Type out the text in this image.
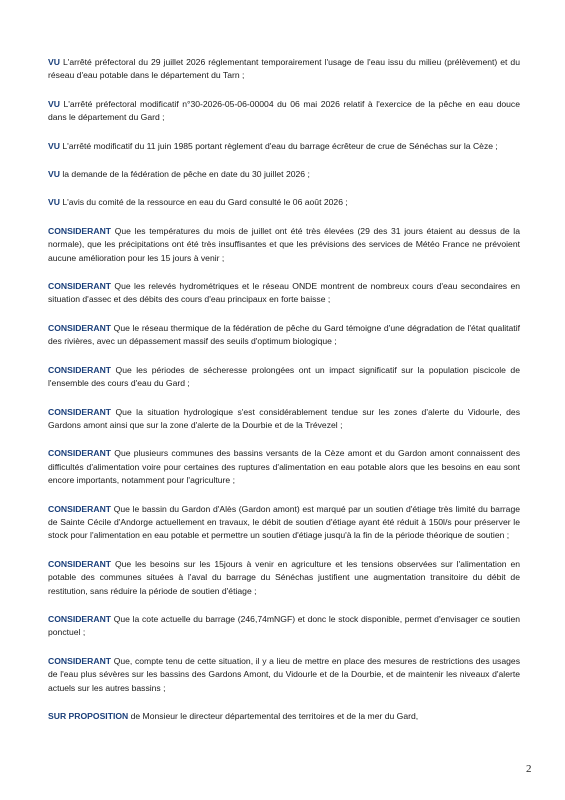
VU L'arrêté préfectoral du 29 juillet 2026 réglementant temporairement l'usage de l'eau issu du milieu (prélèvement) et du réseau d'eau potable dans le département du Tarn ;

VU L'arrêté préfectoral modificatif n°30-2026-05-06-00004 du 06 mai 2026 relatif à l'exercice de la pêche en eau douce dans le département du Gard ;

VU L'arrêté modificatif du 11 juin 1985 portant règlement d'eau du barrage écrêteur de crue de Sénéchas sur la Cèze ;

VU la demande de la fédération de pêche en date du 30 juillet 2026 ;

VU L'avis du comité de la ressource en eau du Gard consulté le 06 août 2026 ;

CONSIDERANT Que les températures du mois de juillet ont été très élevées (29 des 31 jours étaient au dessus de la normale), que les précipitations ont été très insuffisantes et que les prévisions des services de Météo France ne prévoient aucune amélioration pour les 15 jours à venir ;

CONSIDERANT Que les relevés hydrométriques et le réseau ONDE montrent de nombreux cours d'eau secondaires en situation d'assec et des débits des cours d'eau principaux en forte baisse ;

CONSIDERANT Que le réseau thermique de la fédération de pêche du Gard témoigne d'une dégradation de l'état qualitatif des rivières, avec un dépassement massif des seuils d'optimum biologique ;

CONSIDERANT Que les périodes de sécheresse prolongées ont un impact significatif sur la population piscicole de l'ensemble des cours d'eau du Gard ;

CONSIDERANT Que la situation hydrologique s'est considérablement tendue sur les zones d'alerte du Vidourle, des Gardons amont ainsi que sur la zone d'alerte de la Dourbie et de la Trévezel ;

CONSIDERANT Que plusieurs communes des bassins versants de la Cèze amont et du Gardon amont connaissent des difficultés d'alimentation voire pour certaines des ruptures d'alimentation en eau potable alors que les besoins en eau sont encore importants, notamment pour l'agriculture ;

CONSIDERANT Que le bassin du Gardon d'Alès (Gardon amont) est marqué par un soutien d'étiage très limité du barrage de Sainte Cécile d'Andorge actuellement en travaux, le débit de soutien d'étiage ayant été réduit à 150l/s pour préserver le stock pour l'alimentation en eau potable et permettre un soutien d'étiage jusqu'à la fin de la période théorique de soutien ;

CONSIDERANT Que les besoins sur les 15jours à venir en agriculture et les tensions observées sur l'alimentation en potable des communes situées à l'aval du barrage du Sénéchas justifient une augmentation transitoire du débit de restitution, sans réduire la période de soutien d'étiage ;

CONSIDERANT Que la cote actuelle du barrage (246,74mNGF) et donc le stock disponible, permet d'envisager ce soutien ponctuel ;

CONSIDERANT Que, compte tenu de cette situation, il y a lieu de mettre en place des mesures de restrictions des usages de l'eau plus sévères sur les bassins des Gardons Amont, du Vidourle et de la Dourbie, et de maintenir les niveaux d'alerte actuels sur les autres bassins ;

SUR PROPOSITION de Monsieur le directeur départemental des territoires et de la mer du Gard,

2
